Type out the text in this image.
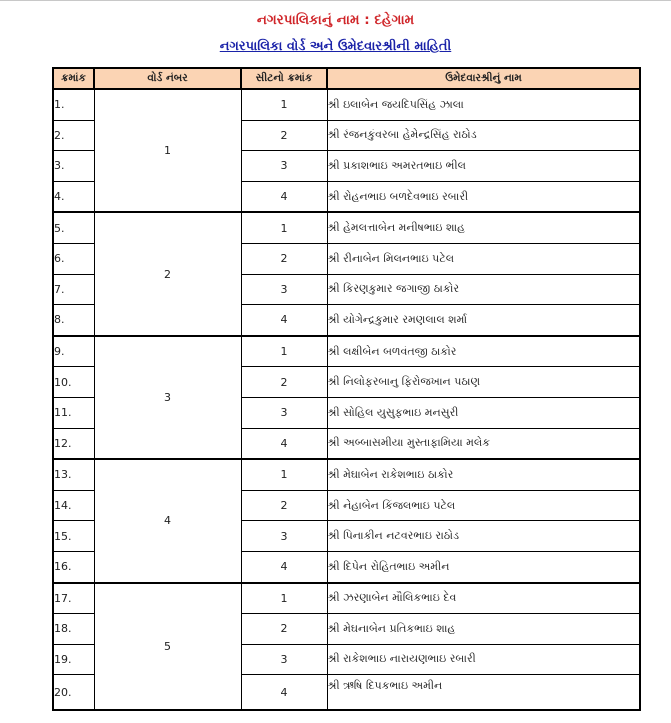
નગરપાલિકાનું નામ : દહેગામ
નગરપાલિકા વોર્ડ અને ઉમેદવારશ્રીની માહિતી
ક્રમાંક	વોર્ડ નંબર	સીટનો ક્રમાંક	ઉમેદવારશ્રીનું નામ
1.	1	1	શ્રી ઇલાબેન જયદિપસિંહ ઝાલા
2.		2	શ્રી રંજનકુંવરબા હેમેન્દ્રસિંહ રાઠોડ
3.		3	શ્રી પ્રકાશભાઇ અમરતભાઇ ભીલ
4.		4	શ્રી રોહનભાઇ બળદેવભાઇ રબારી
5.	2	1	શ્રી હેમલત્તાબેન મનીષભાઇ શાહ
6.		2	શ્રી રીનાબેન મિલનભાઇ પટેલ
7.		3	શ્રી કિરણકુમાર જગાજી ઠાકોર
8.		4	શ્રી યોગેન્દ્રકુમાર રમણલાલ શર્મા
9.	3	1	શ્રી લક્ષીબેન બળવંતજી ઠાકોર
10.		2	શ્રી નિલોફરબાનુ ફિરોજખાન પઠાણ
11.		3	શ્રી સોહિલ યુસુફભાઇ મનસુરી
12.		4	શ્રી અબ્બાસમીયા મુસ્તાફામિયા મલેક
13.	4	1	શ્રી મેઘાબેન રાકેશભાઇ ઠાકોર
14.		2	શ્રી નેહાબેન કિંજલભાઇ પટેલ
15.		3	શ્રી પિનાકીન નટવરભાઇ રાઠોડ
16.		4	શ્રી દિપેન રોહિતભાઇ અમીન
17.	5	1	શ્રી ઝરણાબેન મૌલિકભાઇ દેવ
18.		2	શ્રી મેઘનાબેન પ્રતિકભાઇ શાહ
19.		3	શ્રી રાકેશભાઇ નારાયણભાઇ રબારી
20.		4	શ્રી ઋષિ દિપકભાઇ અમીન
